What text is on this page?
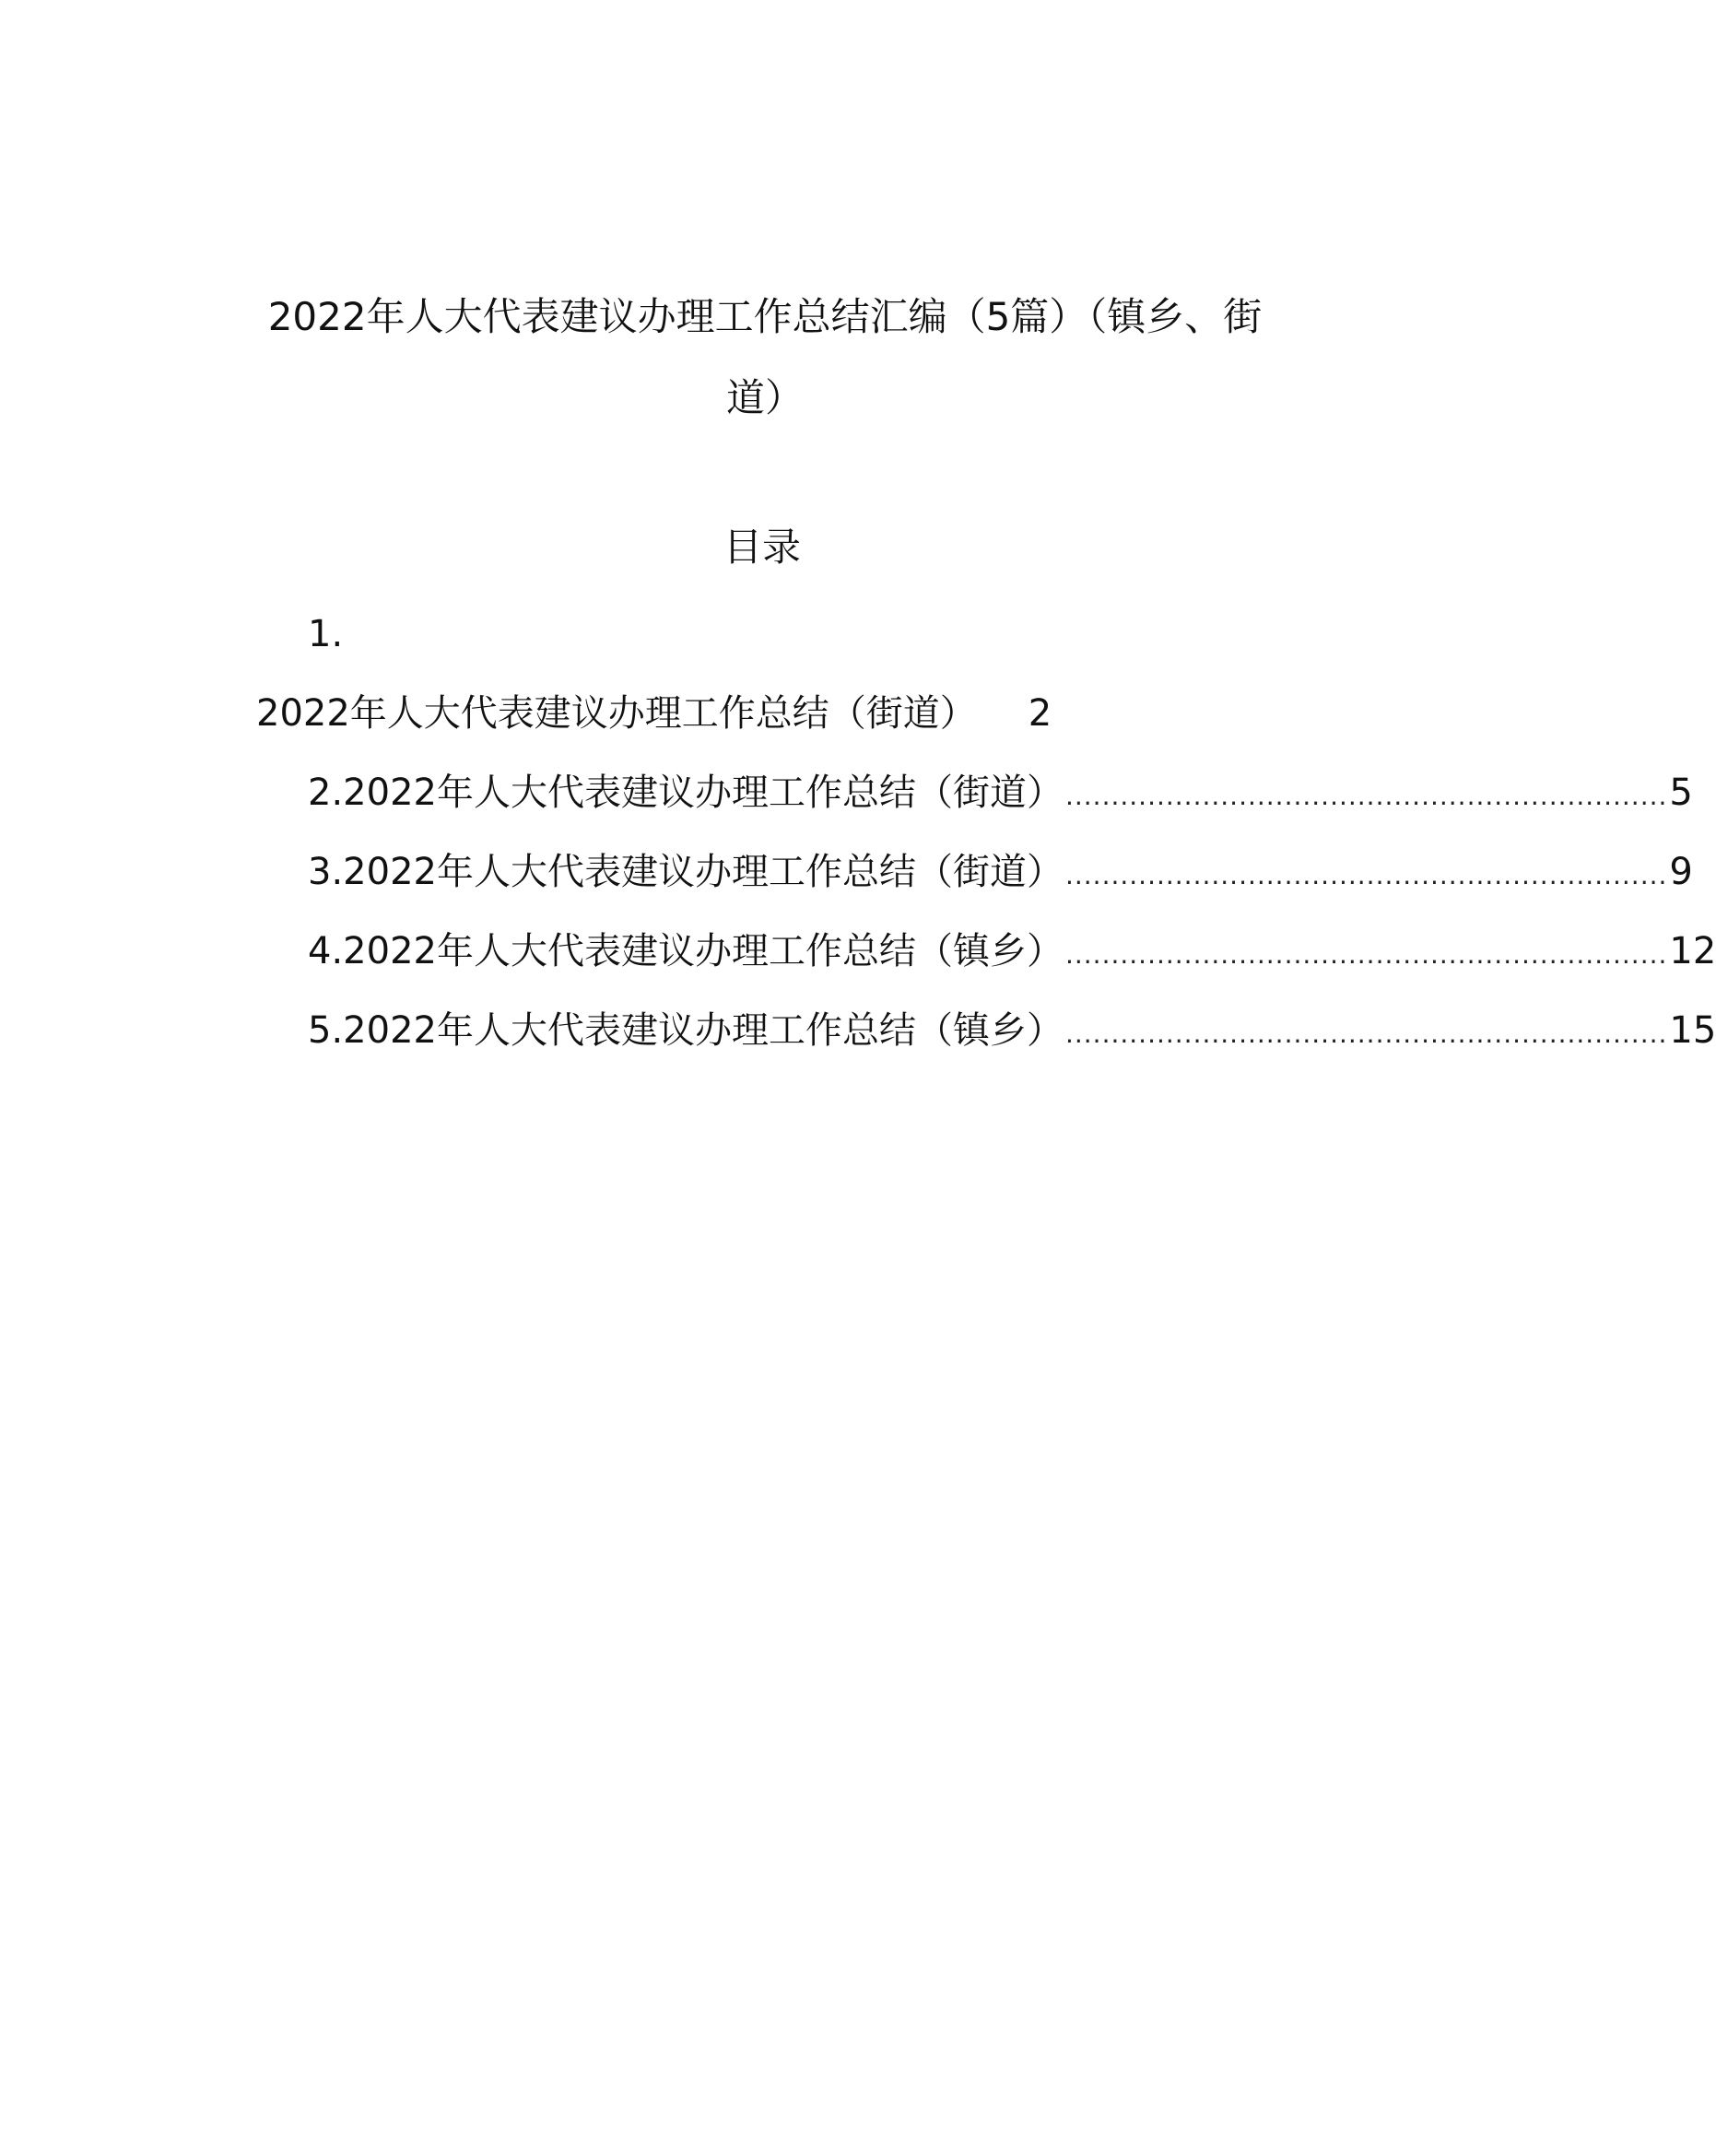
2022年人大代表建议办理工作总结汇编（5篇）（镇乡、街道）
目录
1.
2022年人大代表建议办理工作总结（街道） 2
2. 2022年人大代表建议办理工作总结（街道） .................................................................. 5
3. 2022年人大代表建议办理工作总结（街道） .................................................................. 9
4. 2022年人大代表建议办理工作总结（镇乡） .................................................................. 12
5. 2022年人大代表建议办理工作总结（镇乡） .................................................................. 15
